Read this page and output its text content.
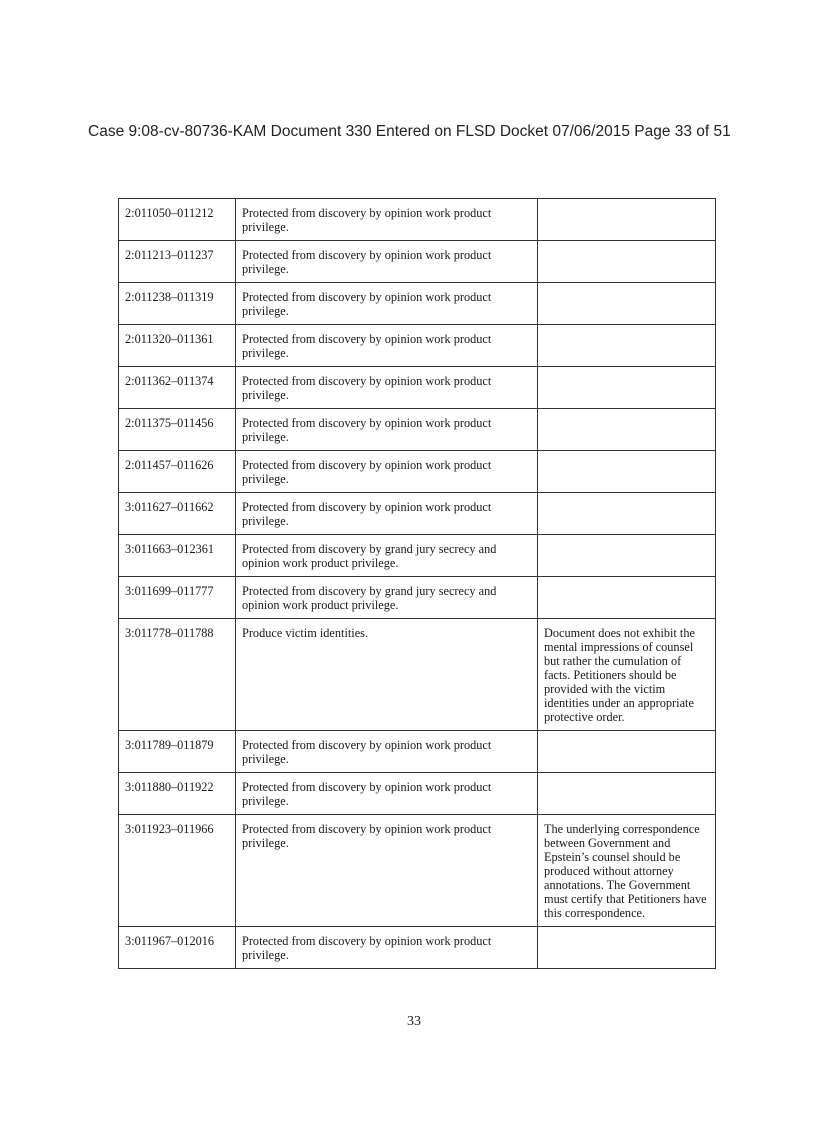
Case 9:08-cv-80736-KAM Document 330 Entered on FLSD Docket 07/06/2015 Page 33 of 51
2:011050–011212	Protected from discovery by opinion work product privilege.	
2:011213–011237	Protected from discovery by opinion work product privilege.	
2:011238–011319	Protected from discovery by opinion work product privilege.	
2:011320–011361	Protected from discovery by opinion work product privilege.	
2:011362–011374	Protected from discovery by opinion work product privilege.	
2:011375–011456	Protected from discovery by opinion work product privilege.	
2:011457–011626	Protected from discovery by opinion work product privilege.	
3:011627–011662	Protected from discovery by opinion work product privilege.	
3:011663–012361	Protected from discovery by grand jury secrecy and opinion work product privilege.	
3:011699–011777	Protected from discovery by grand jury secrecy and opinion work product privilege.	
3:011778–011788	Produce victim identities.	Document does not exhibit the mental impressions of counsel but rather the cumulation of facts. Petitioners should be provided with the victim identities under an appropriate protective order.
3:011789–011879	Protected from discovery by opinion work product privilege.	
3:011880–011922	Protected from discovery by opinion work product privilege.	
3:011923–011966	Protected from discovery by opinion work product privilege.	The underlying correspondence between Government and Epstein’s counsel should be produced without attorney annotations. The Government must certify that Petitioners have this correspondence.
3:011967–012016	Protected from discovery by opinion work product privilege.	
33
